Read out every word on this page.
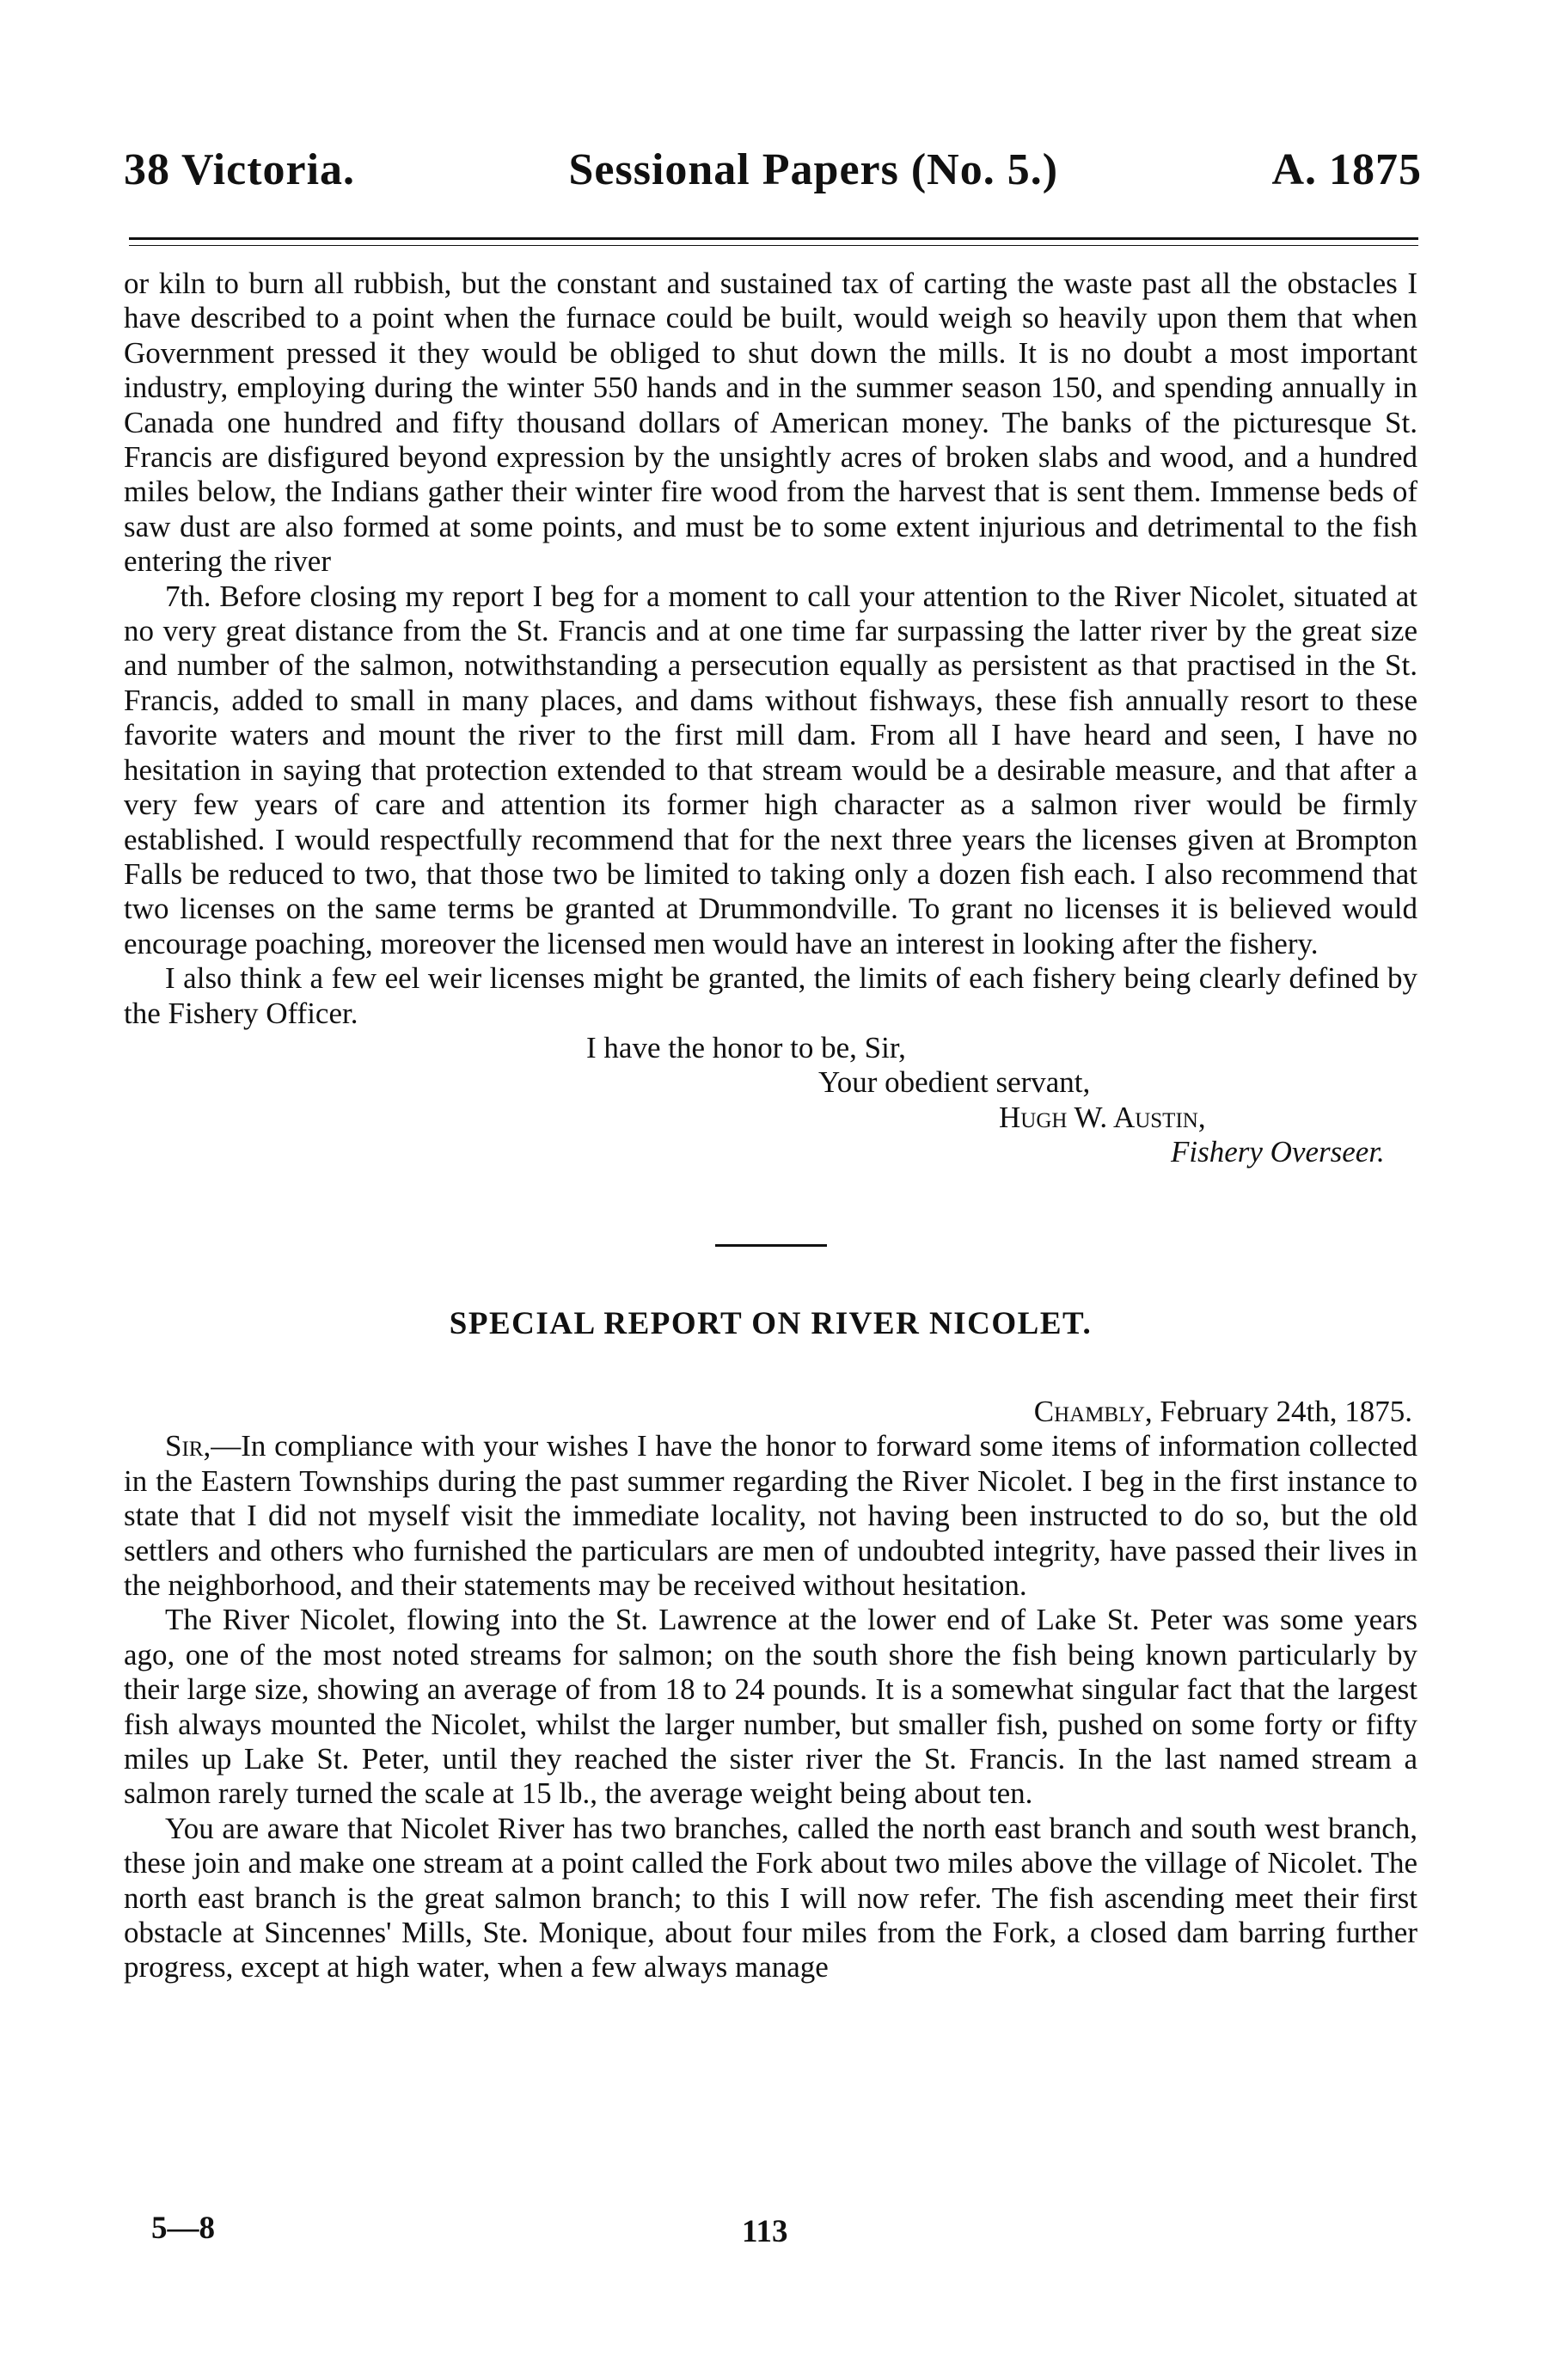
38 Victoria.	Sessional Papers (No. 5.)	A. 1875

or kiln to burn all rubbish, but the constant and sustained tax of carting the waste past all the obstacles I have described to a point when the furnace could be built, would weigh so heavily upon them that when Government pressed it they would be obliged to shut down the mills. It is no doubt a most important industry, employing during the winter 550 hands and in the summer season 150, and spending annually in Canada one hundred and fifty thousand dollars of American money. The banks of the picturesque St. Francis are disfigured beyond expression by the unsightly acres of broken slabs and wood, and a hundred miles below, the Indians gather their winter fire wood from the harvest that is sent them. Immense beds of saw dust are also formed at some points, and must be to some extent injurious and detrimental to the fish entering the river

7th. Before closing my report I beg for a moment to call your attention to the River Nicolet, situated at no very great distance from the St. Francis and at one time far surpassing the latter river by the great size and number of the salmon, notwithstanding a persecution equally as persistent as that practised in the St. Francis, added to small in many places, and dams without fishways, these fish annually resort to these favorite waters and mount the river to the first mill dam. From all I have heard and seen, I have no hesitation in saying that protection extended to that stream would be a desirable measure, and that after a very few years of care and attention its former high character as a salmon river would be firmly established. I would respectfully recommend that for the next three years the licenses given at Brompton Falls be reduced to two, that those two be limited to taking only a dozen fish each. I also recommend that two licenses on the same terms be granted at Drummondville. To grant no licenses it is believed would encourage poaching, moreover the licensed men would have an interest in looking after the fishery.

I also think a few eel weir licenses might be granted, the limits of each fishery being clearly defined by the Fishery Officer.

I have the honor to be, Sir,

Your obedient servant,

Hugh W. Austin,

Fishery Overseer.

SPECIAL REPORT ON RIVER NICOLET.

Chambly, February 24th, 1875.

Sir,—In compliance with your wishes I have the honor to forward some items of information collected in the Eastern Townships during the past summer regarding the River Nicolet. I beg in the first instance to state that I did not myself visit the immediate locality, not having been instructed to do so, but the old settlers and others who furnished the particulars are men of undoubted integrity, have passed their lives in the neighborhood, and their statements may be received without hesitation.

The River Nicolet, flowing into the St. Lawrence at the lower end of Lake St. Peter was some years ago, one of the most noted streams for salmon; on the south shore the fish being known particularly by their large size, showing an average of from 18 to 24 pounds. It is a somewhat singular fact that the largest fish always mounted the Nicolet, whilst the larger number, but smaller fish, pushed on some forty or fifty miles up Lake St. Peter, until they reached the sister river the St. Francis. In the last named stream a salmon rarely turned the scale at 15 lb., the average weight being about ten.

You are aware that Nicolet River has two branches, called the north east branch and south west branch, these join and make one stream at a point called the Fork about two miles above the village of Nicolet. The north east branch is the great salmon branch; to this I will now refer. The fish ascending meet their first obstacle at Sincennes' Mills, Ste. Monique, about four miles from the Fork, a closed dam barring further progress, except at high water, when a few always manage

5—8	113
